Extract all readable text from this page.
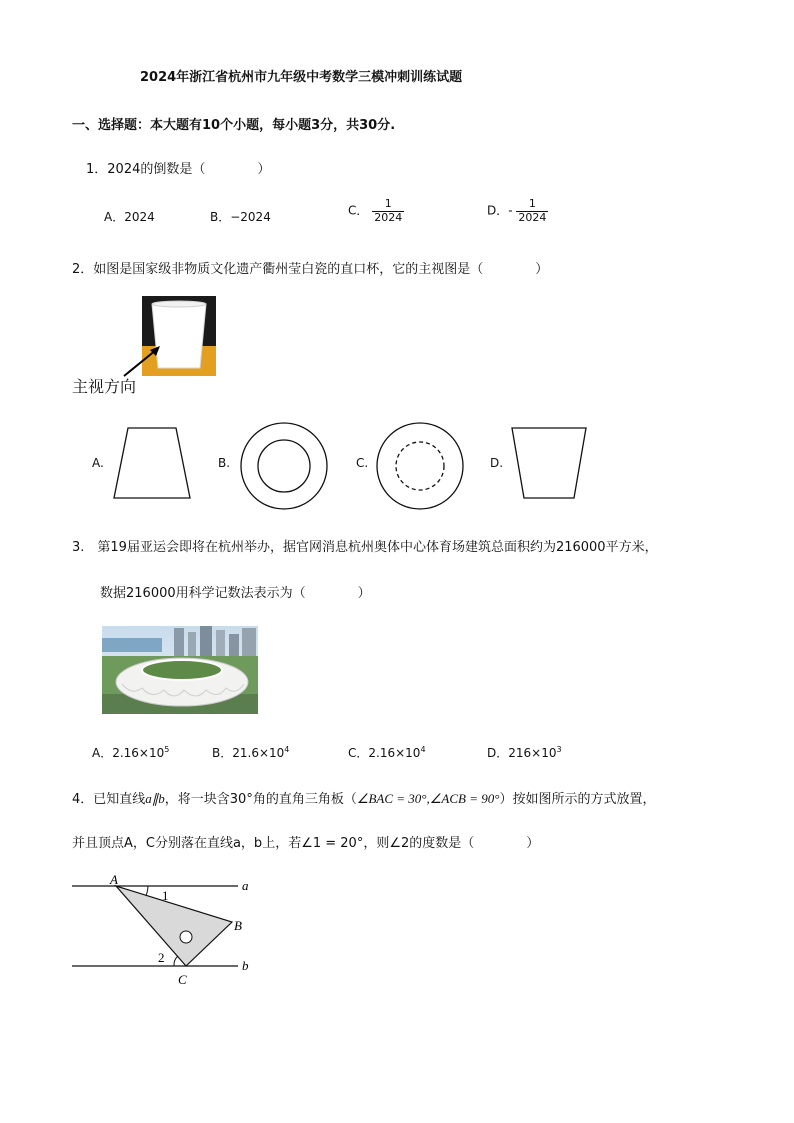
2024年浙江省杭州市九年级中考数学三模冲刺训练试题
一、选择题：本大题有10个小题，每小题3分，共30分.
1．2024的倒数是（　　　　）
A．2024	B．−2024	C． $\frac{1}{2024}$	D．- $\frac{1}{2024}$
2．如图是国家级非物质文化遗产衢州莹白瓷的直口杯，它的主视图是（　　　　）
主视方向
A.	B.	C.	D.
3.　第19届亚运会即将在杭州举办，据官网消息杭州奥体中心体育场建筑总面积约为216000平方米，
数据216000用科学记数法表示为（　　　　）
A．$2.16\times 10^5$	B．$21.6\times 10^4$	C．$2.16\times 10^4$	D．$216\times 10^3$
4．已知直线a∥b，将一块含30°角的直角三角板（∠BAC = 30°,∠ACB = 90°）按如图所示的方式放置，
并且顶点A，C分别落在直线a，b上，若∠1 = 20°，则∠2的度数是（　　　　）
A
B
C
a
b
1
2
